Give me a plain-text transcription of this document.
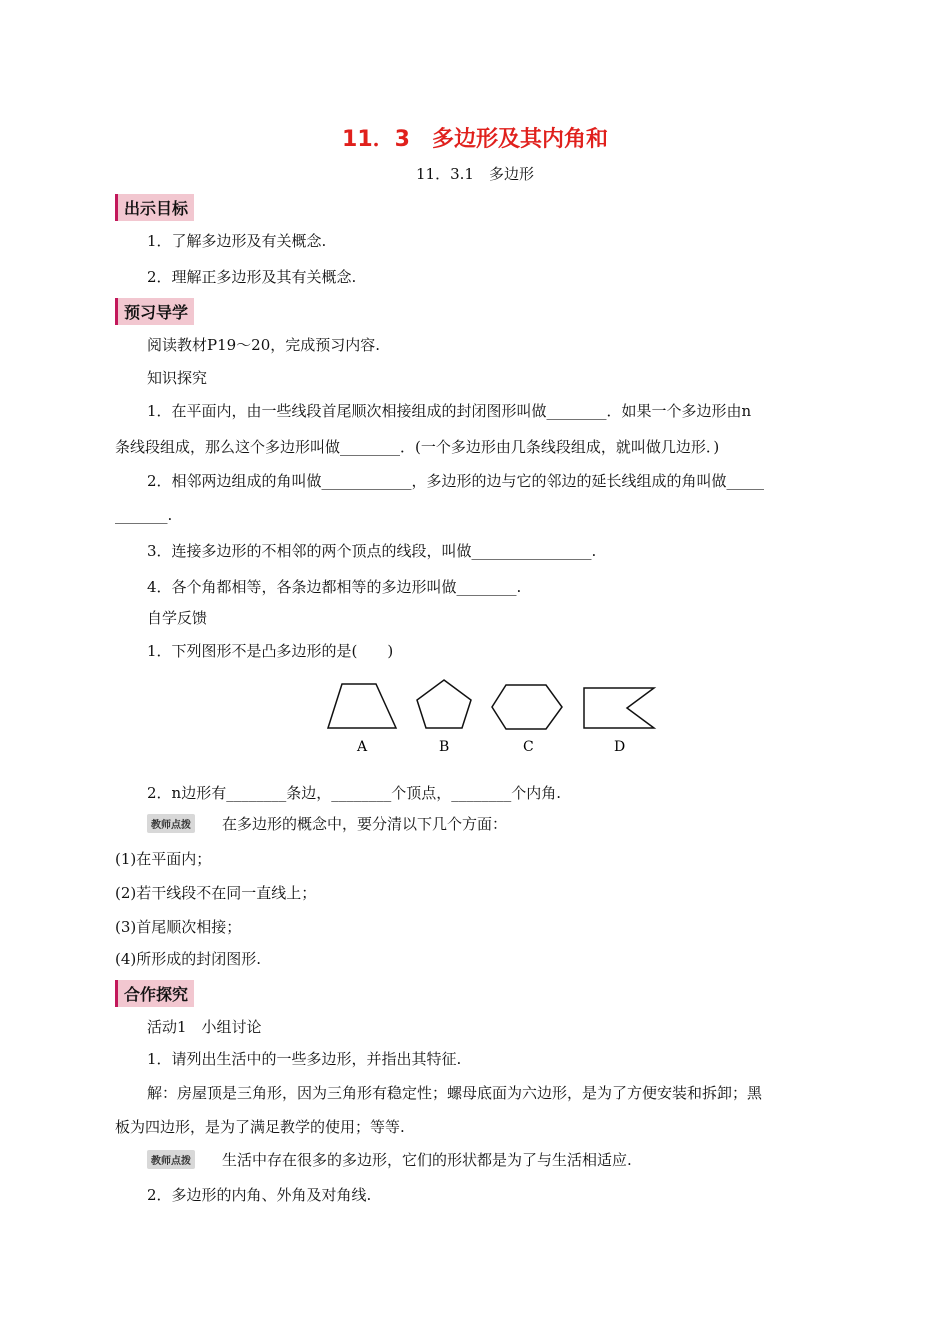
11．3　多边形及其内角和
11．3.1　多边形
出示目标
1．了解多边形及有关概念.
2．理解正多边形及其有关概念.
预习导学
阅读教材P19～20，完成预习内容.
知识探究
1．在平面内，由一些线段首尾顺次相接组成的封闭图形叫做________．如果一个多边形由n
条线段组成，那么这个多边形叫做________．(一个多边形由几条线段组成，就叫做几边形．)
2．相邻两边组成的角叫做____________，多边形的边与它的邻边的延长线组成的角叫做_____
_______.
3．连接多边形的不相邻的两个顶点的线段，叫做________________.
4．各个角都相等，各条边都相等的多边形叫做________.
自学反馈
1．下列图形不是凸多边形的是(　　)
A	B	C	D
2．n边形有________条边，________个顶点，________个内角.
教师点拨 在多边形的概念中，要分清以下几个方面：
(1)在平面内；
(2)若干线段不在同一直线上；
(3)首尾顺次相接；
(4)所形成的封闭图形.
合作探究
活动1　小组讨论
1．请列出生活中的一些多边形，并指出其特征.
解：房屋顶是三角形，因为三角形有稳定性；螺母底面为六边形，是为了方便安装和拆卸；黑
板为四边形，是为了满足教学的使用；等等.
教师点拨 生活中存在很多的多边形，它们的形状都是为了与生活相适应.
2．多边形的内角、外角及对角线.
